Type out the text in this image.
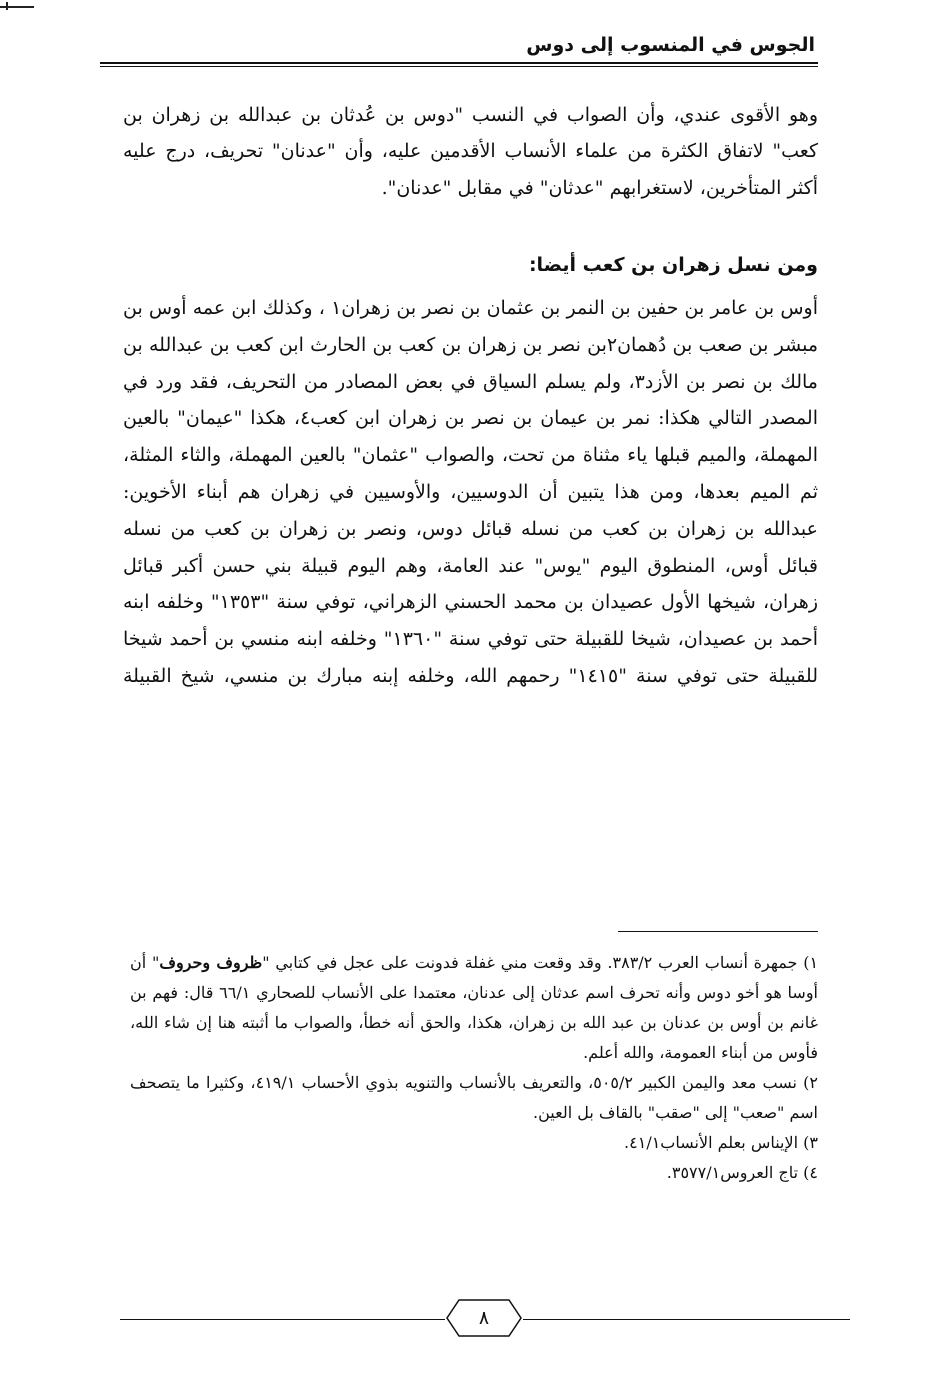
الجوس في المنسوب إلى دوس

وهو الأقوى عندي، وأن الصواب في النسب "دوس بن عُدثان بن عبدالله بن زهران بن كعب" لاتفاق الكثرة من علماء الأنساب الأقدمين عليه، وأن "عدنان" تحريف، درج عليه أكثر المتأخرين، لاستغرابهم "عدثان" في مقابل "عدنان".

ومن نسل زهران بن كعب أيضا:

أوس بن عامر بن حفين بن النمر بن عثمان بن نصر بن زهران١ ، وكذلك ابن عمه أوس بن مبشر بن صعب بن دُهمان٢بن نصر بن زهران بن كعب بن الحارث ابن كعب بن عبدالله بن مالك بن نصر بن الأزد٣، ولم يسلم السياق في بعض المصادر من التحريف، فقد ورد في المصدر التالي هكذا: نمر بن عيمان بن نصر بن زهران ابن كعب٤، هكذا "عيمان" بالعين المهملة، والميم قبلها ياء مثناة من تحت، والصواب "عثمان" بالعين المهملة، والثاء المثلة، ثم الميم بعدها، ومن هذا يتبين أن الدوسيين، والأوسيين في زهران هم أبناء الأخوين: عبدالله بن زهران بن كعب من نسله قبائل دوس، ونصر بن زهران بن كعب من نسله قبائل أوس، المنطوق اليوم "يوس" عند العامة، وهم اليوم قبيلة بني حسن أكبر قبائل زهران، شيخها الأول عصيدان بن محمد الحسني الزهراني، توفي سنة "١٣٥٣" وخلفه ابنه أحمد بن عصيدان، شيخا للقبيلة حتى توفي سنة "١٣٦٠" وخلفه ابنه منسي بن أحمد شيخا للقبيلة حتى توفي سنة "١٤١٥" رحمهم الله، وخلفه إبنه مبارك بن منسي، شيخ القبيلة

١) جمهرة أنساب العرب ٣٨٣/٢. وقد وقعت مني غفلة فدونت على عجل في كتابي "ظروف وحروف" أن أوسا هو أخو دوس وأنه تحرف اسم عدثان إلى عدنان، معتمدا على الأنساب للصحاري ٦٦/١ قال: فهم بن غانم بن أوس بن عدنان بن عبد الله بن زهران، هكذا، والحق أنه خطأ، والصواب ما أثبته هنا إن شاء الله، فأوس من أبناء العمومة، والله أعلم.

٢) نسب معد واليمن الكبير ٥٠٥/٢، والتعريف بالأنساب والتنويه بذوي الأحساب ٤١٩/١، وكثيرا ما يتصحف اسم "صعب" إلى "صقب" بالقاف بل العين.

٣) الإيناس بعلم الأنساب٤١/١.

٤) تاج العروس٣٥٧٧/١.

٨
